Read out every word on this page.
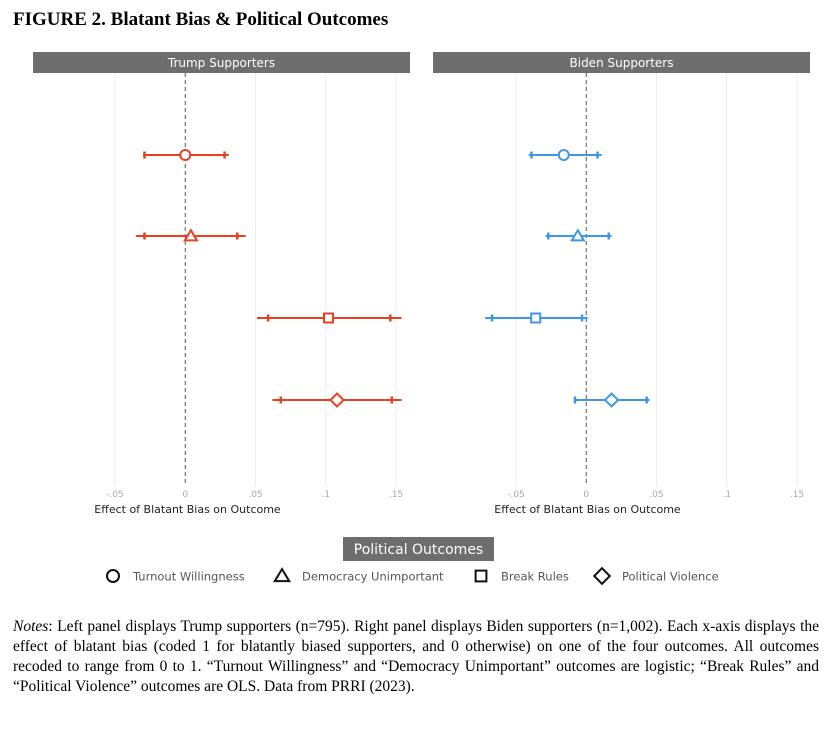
FIGURE 2. Blatant Bias & Political Outcomes
Trump Supporters
-.05	0	.05	.1	.15
Effect of Blatant Bias on Outcome
Biden Supporters
-.05	0	.05	.1	.15
Effect of Blatant Bias on Outcome
Political Outcomes
Turnout Willingness	Democracy Unimportant	Break Rules	Political Violence

Notes: Left panel displays Trump supporters (n=795). Right panel displays Biden supporters (n=1,002). Each x-axis displays the effect of blatant bias (coded 1 for blatantly biased supporters, and 0 otherwise) on one of the four outcomes. All outcomes recoded to range from 0 to 1. “Turnout Willingness” and “Democracy Unimportant” outcomes are logistic; “Break Rules” and “Political Violence” outcomes are OLS. Data from PRRI (2023).
